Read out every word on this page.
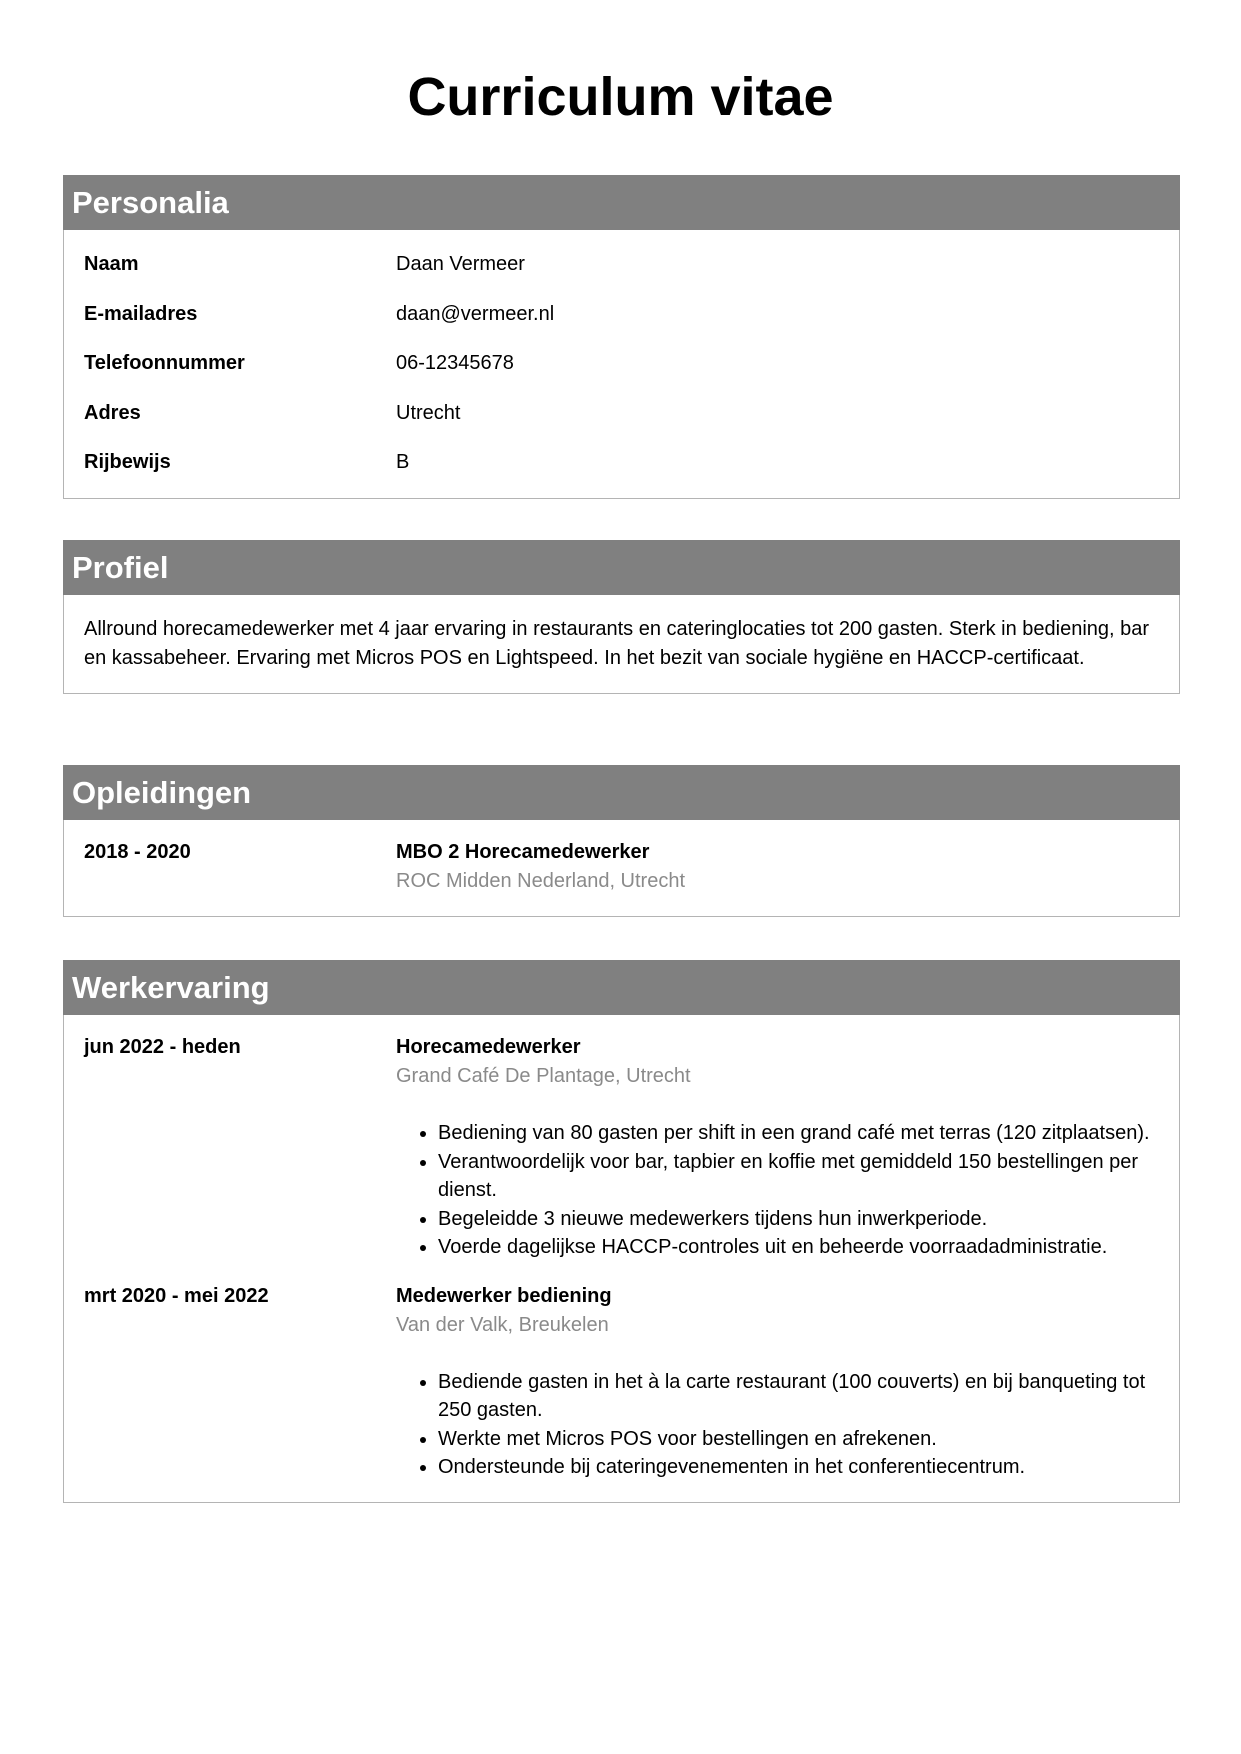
Curriculum vitae
Personalia
Naam	Daan Vermeer
E-mailadres	daan@vermeer.nl
Telefoonnummer	06-12345678
Adres	Utrecht
Rijbewijs	B
Profiel
Allround horecamedewerker met 4 jaar ervaring in restaurants en cateringlocaties tot 200 gasten. Sterk in bediening, bar en kassabeheer. Ervaring met Micros POS en Lightspeed. In het bezit van sociale hygiëne en HACCP-certificaat.
Opleidingen
2018 - 2020	MBO 2 Horecamedewerker
ROC Midden Nederland, Utrecht
Werkervaring
jun 2022 - heden	Horecamedewerker
Grand Café De Plantage, Utrecht
• Bediening van 80 gasten per shift in een grand café met terras (120 zitplaatsen).
• Verantwoordelijk voor bar, tapbier en koffie met gemiddeld 150 bestellingen per dienst.
• Begeleidde 3 nieuwe medewerkers tijdens hun inwerkperiode.
• Voerde dagelijkse HACCP-controles uit en beheerde voorraadadministratie.
mrt 2020 - mei 2022	Medewerker bediening
Van der Valk, Breukelen
• Bediende gasten in het à la carte restaurant (100 couverts) en bij banqueting tot 250 gasten.
• Werkte met Micros POS voor bestellingen en afrekenen.
• Ondersteunde bij cateringevenementen in het conferentiecentrum.
